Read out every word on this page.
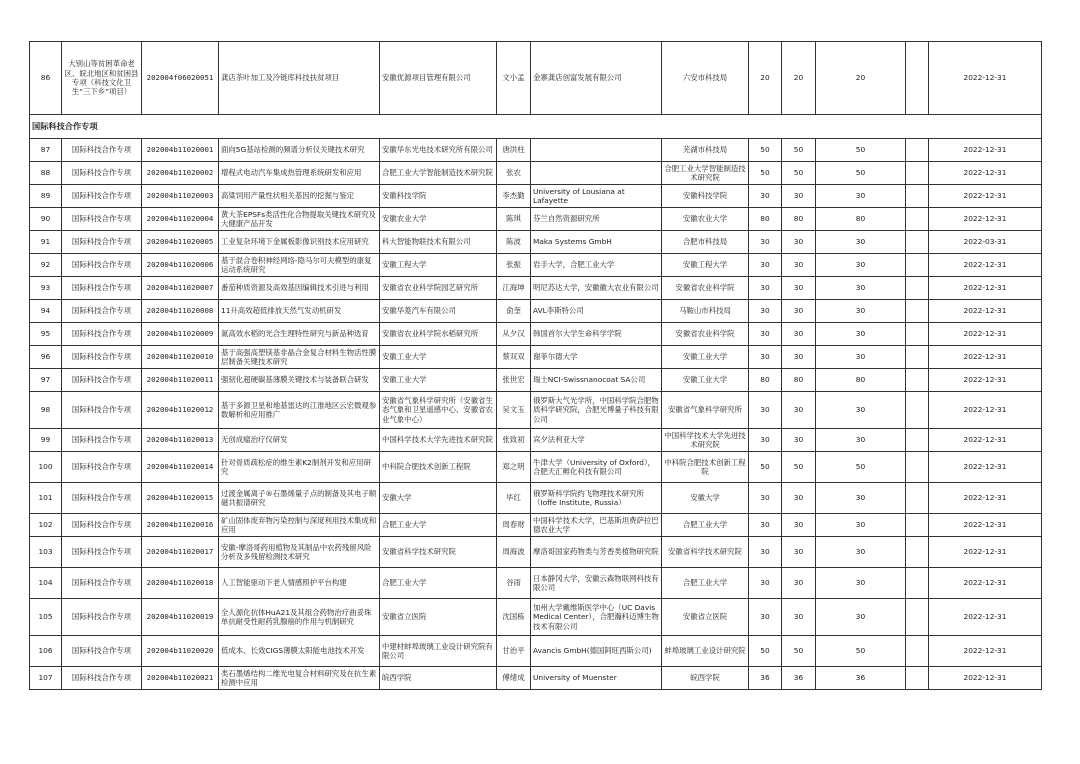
86	大别山等贫困革命老区、皖北地区和贫困县专项（科技文化卫生“三下乡”项目）	202004f06020051	龚店茶叶加工及冷链库科技扶贫项目	安徽优源项目管理有限公司	文小孟	金寨龚店创富发展有限公司	六安市科技局	20	20	20		2022-12-31
国际科技合作专项												
87	国际科技合作专项	202004b11020001	面向5G基站检测的频谱分析仪关键技术研究	安徽华东光电技术研究所有限公司	唐洪柱		芜湖市科技局	50	50	50		2022-12-31
88	国际科技合作专项	202004b11020002	增程式电动汽车集成热管理系统研发和应用	合肥工业大学智能制造技术研究院	张农		合肥工业大学智能制造技术研究院	50	50	50		2022-12-31
89	国际科技合作专项	202004b11020003	高粱饲用产量性状相关基因的挖掘与鉴定	安徽科技学院	李杰勤	University of Lousiana at Lafayette	安徽科技学院	30	30	30		2022-12-31
90	国际科技合作专项	202004b11020004	黄大茶EPSFs类活性化合物提取关键技术研究及大健康产品开发	安徽农业大学	陈琪	芬兰自然资源研究所	安徽农业大学	80	80	80		2022-12-31
91	国际科技合作专项	202004b11020005	工业复杂环境下金属板影像识别技术应用研究	科大智能物联技术有限公司	陈波	Maka Systems GmbH	合肥市科技局	30	30	30		2022-03-31
92	国际科技合作专项	202004b11020006	基于混合卷积神经网络-隐马尔可夫模型的康复运动系统研究	安徽工程大学	张振	岩手大学，合肥工业大学	安徽工程大学	30	30	30		2022-12-31
93	国际科技合作专项	202004b11020007	番茄种质资源及高效基因编辑技术引进与利用	安徽省农业科学院园艺研究所	江海坤	明尼苏达大学，安徽徽大农业有限公司	安徽省农业科学院	30	30	30		2022-12-31
94	国际科技合作专项	202004b11020008	11升高效超低排放天然气发动机研发	安徽华菱汽车有限公司	俞奎	AVL李斯特公司	马鞍山市科技局	30	30	30		2022-12-31
95	国际科技合作专项	202004b11020009	氮高效水稻的光合生理特性研究与新品种选育	安徽省农业科学院水稻研究所	从夕汉	韩国首尔大学生命科学学院	安徽省农业科学院	30	30	30		2022-12-31
96	国际科技合作专项	202004b11020010	基于高强高塑镁基非晶合金复合材料生物活性膜层制备关键技术研究	安徽工业大学	蔡双双	谢菲尔德大学	安徽工业大学	30	30	30		2022-12-31
97	国际科技合作专项	202004b11020011	强韧化超硬碳基薄膜关键技术与装备联合研发	安徽工业大学	张世宏	瑞士NCI-Swissnanocoat SA公司	安徽工业大学	80	80	80		2022-12-31
98	国际科技合作专项	202004b11020012	基于多源卫星和地基雷达的江淮地区云宏微观参数解析和应用推广	安徽省气象科学研究所（安徽省生态气象和卫星遥感中心、安徽省农业气象中心）	吴文玉	俄罗斯大气光学所，中国科学院合肥物质科学研究院，合肥光博量子科技有限公司	安徽省气象科学研究所	30	30	30		2022-12-31
99	国际科技合作专项	202004b11020013	无创成瘤治疗仪研发	中国科学技术大学先进技术研究院	张致初	宾夕法利亚大学	中国科学技术大学先进技术研究院	30	30	30		2022-12-31
100	国际科技合作专项	202004b11020014	针对骨质疏松症的维生素K2制剂开发和应用研究	中科院合肥技术创新工程院	郑之明	牛津大学（University of Oxford），合肥天汇孵化科技有限公司	中科院合肥技术创新工程院	50	50	50		2022-12-31
101	国际科技合作专项	202004b11020015	过渡金属离子®石墨烯量子点的制备及其电子顺磁共振谱研究	安徽大学	毕红	俄罗斯科学院约飞物理技术研究所（Ioffe Institute, Russia）	安徽大学	30	30	30		2022-12-31
102	国际科技合作专项	202004b11020016	矿山固体废弃物污染控制与深度利用技术集成和应用	合肥工业大学	周春财	中国科学技术大学，巴基斯坦费萨拉巴德农业大学	合肥工业大学	30	30	30		2022-12-31
103	国际科技合作专项	202004b11020017	安徽-摩洛哥药用植物及其制品中农药残留风险分析及多残留检测技术研究	安徽省科学技术研究院	周海波	摩洛哥国家药物类与芳香类植物研究院	安徽省科学技术研究院	30	30	30		2022-12-31
104	国际科技合作专项	202004b11020018	人工智能驱动下老人情感照护平台构建	合肥工业大学	谷雨	日本静冈大学，安徽云森物联网科技有限公司	合肥工业大学	30	30	30		2022-12-31
105	国际科技合作专项	202004b11020019	全人源化抗体HuA21及其组合药物治疗曲妥珠单抗耐受性耐药乳腺癌的作用与机制研究	安徽省立医院	沈国栋	加州大学戴维斯医学中心（UC Davis Medical Center），合肥瀚科迈博生物技术有限公司	安徽省立医院	30	30	30		2022-12-31
106	国际科技合作专项	202004b11020020	低成本、长效CIGS薄膜太阳能电池技术开发	中建材蚌埠玻璃工业设计研究院有限公司	甘治平	Avancis GmbH(德国阿旺西斯公司)	蚌埠玻璃工业设计研究院	50	50	50		2022-12-31
107	国际科技合作专项	202004b11020021	类石墨烯结构二维光电复合材料研究及在抗生素检测中应用	皖西学院	傅绪成	University of Muenster	皖西学院	36	36	36		2022-12-31
